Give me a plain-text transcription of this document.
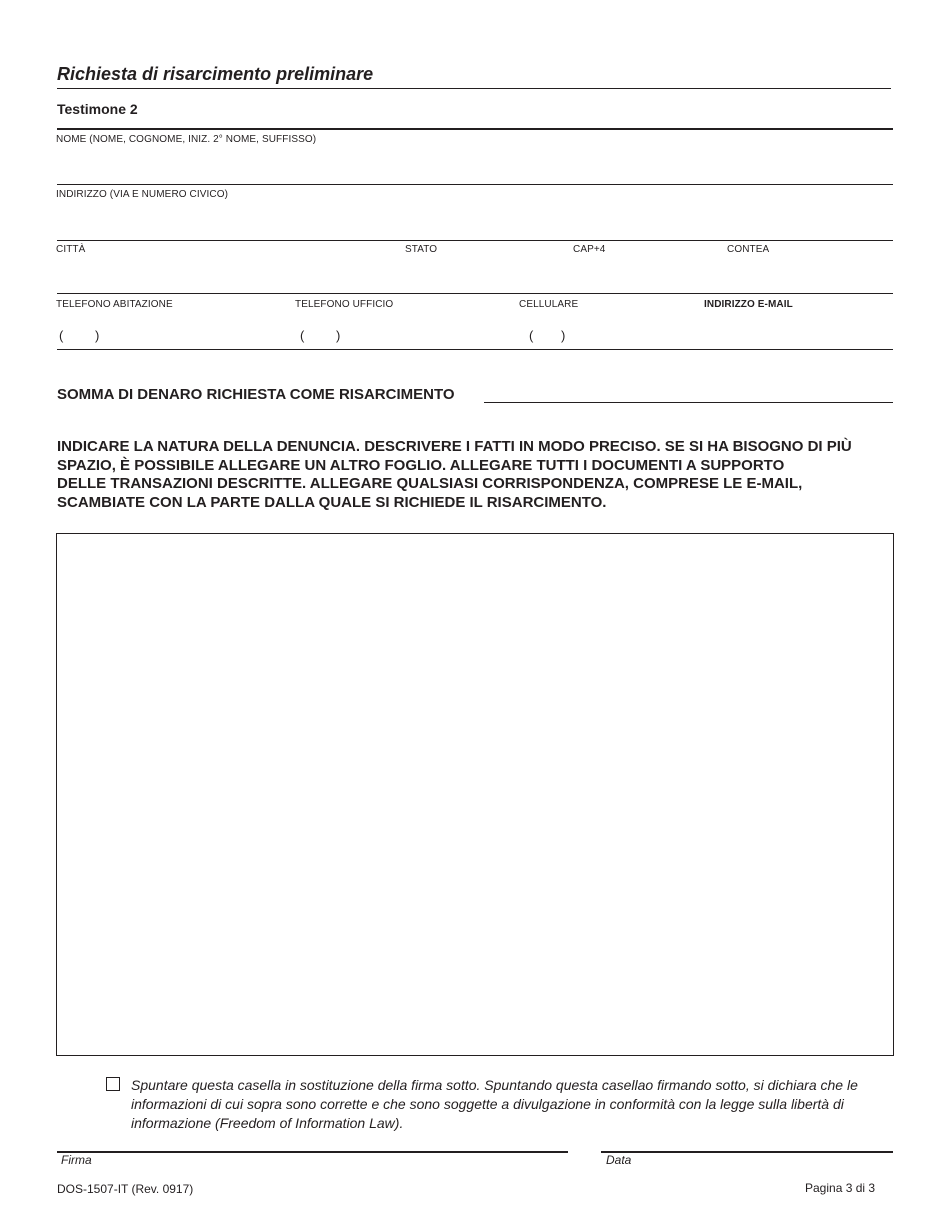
Richiesta di risarcimento preliminare
Testimone 2
NOME (NOME, COGNOME, INIZ. 2° NOME, SUFFISSO)
INDIRIZZO (VIA E NUMERO CIVICO)
CITTÀ	STATO	CAP+4	CONTEA
TELEFONO ABITAZIONE	TELEFONO UFFICIO	CELLULARE	INDIRIZZO E-MAIL
( )	( )	( )
SOMMA DI DENARO RICHIESTA COME RISARCIMENTO
INDICARE LA NATURA DELLA DENUNCIA. DESCRIVERE I FATTI IN MODO PRECISO. SE SI HA BISOGNO DI PIÙ
SPAZIO, È POSSIBILE ALLEGARE UN ALTRO FOGLIO. ALLEGARE TUTTI I DOCUMENTI A SUPPORTO
DELLE TRANSAZIONI DESCRITTE. ALLEGARE QUALSIASI CORRISPONDENZA, COMPRESE LE E-MAIL,
SCAMBIATE CON LA PARTE DALLA QUALE SI RICHIEDE IL RISARCIMENTO.
Spuntare questa casella in sostituzione della firma sotto. Spuntando questa casellao firmando sotto, si dichiara che le informazioni di cui sopra sono corrette e che sono soggette a divulgazione in conformità con la legge sulla libertà di informazione (Freedom of Information Law).
Firma	Data
DOS-1507-IT (Rev. 0917)	Pagina 3 di 3
